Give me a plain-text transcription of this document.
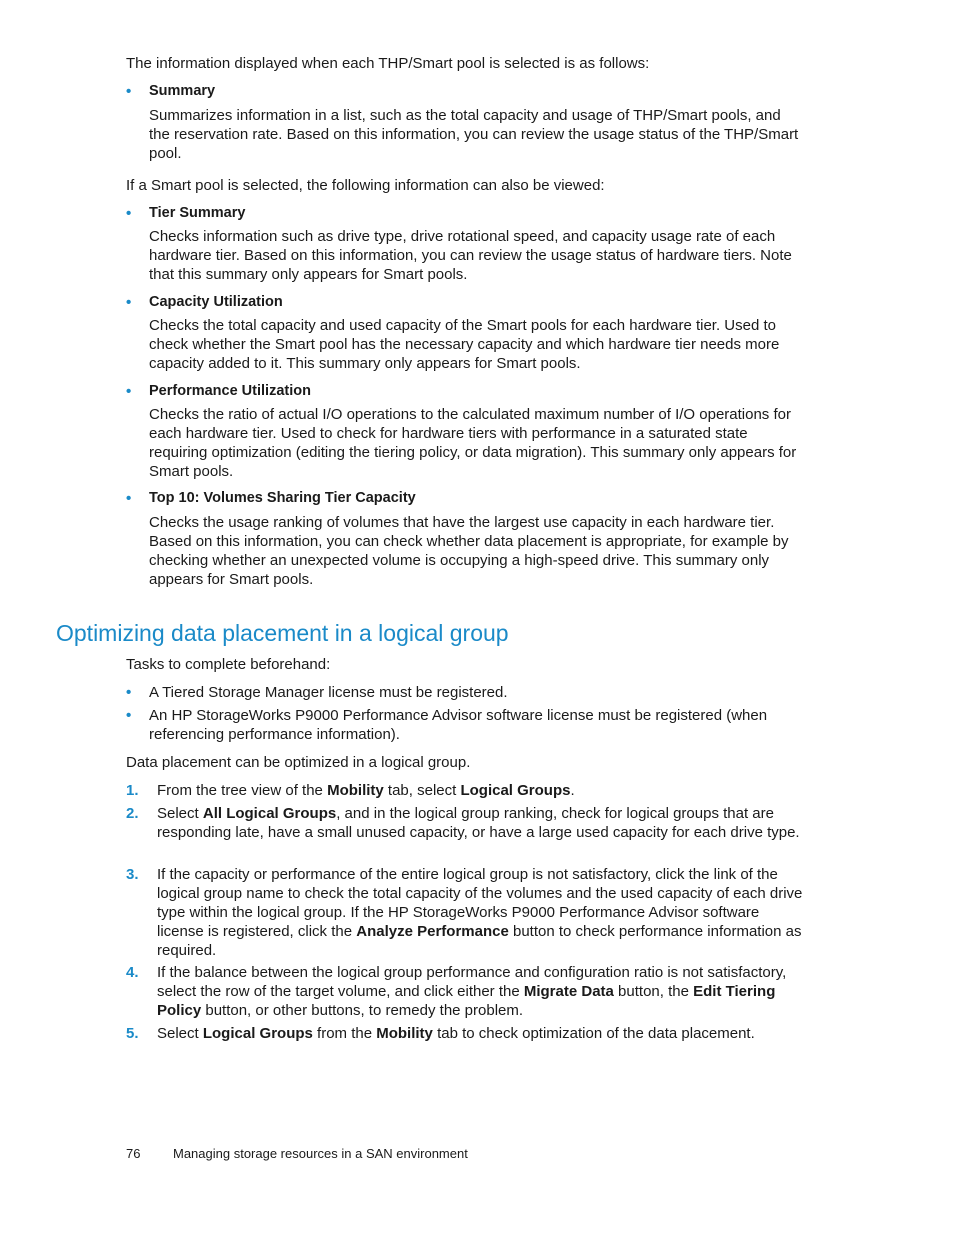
The information displayed when each THP/Smart pool is selected is as follows:

• Summary
Summarizes information in a list, such as the total capacity and usage of THP/Smart pools, and the reservation rate. Based on this information, you can review the usage status of the THP/Smart pool.

If a Smart pool is selected, the following information can also be viewed:

• Tier Summary
Checks information such as drive type, drive rotational speed, and capacity usage rate of each hardware tier. Based on this information, you can review the usage status of hardware tiers. Note that this summary only appears for Smart pools.
• Capacity Utilization
Checks the total capacity and used capacity of the Smart pools for each hardware tier. Used to check whether the Smart pool has the necessary capacity and which hardware tier needs more capacity added to it. This summary only appears for Smart pools.
• Performance Utilization
Checks the ratio of actual I/O operations to the calculated maximum number of I/O operations for each hardware tier. Used to check for hardware tiers with performance in a saturated state requiring optimization (editing the tiering policy, or data migration). This summary only appears for Smart pools.
• Top 10: Volumes Sharing Tier Capacity
Checks the usage ranking of volumes that have the largest use capacity in each hardware tier. Based on this information, you can check whether data placement is appropriate, for example by checking whether an unexpected volume is occupying a high-speed drive. This summary only appears for Smart pools.
Optimizing data placement in a logical group

Tasks to complete beforehand:

• A Tiered Storage Manager license must be registered.
• An HP StorageWorks P9000 Performance Advisor software license must be registered (when referencing performance information).

Data placement can be optimized in a logical group.

1. From the tree view of the Mobility tab, select Logical Groups.
2. Select All Logical Groups, and in the logical group ranking, check for logical groups that are responding late, have a small unused capacity, or have a large used capacity for each drive type.
3. If the capacity or performance of the entire logical group is not satisfactory, click the link of the logical group name to check the total capacity of the volumes and the used capacity of each drive type within the logical group. If the HP StorageWorks P9000 Performance Advisor software license is registered, click the Analyze Performance button to check performance information as required.
4. If the balance between the logical group performance and configuration ratio is not satisfactory, select the row of the target volume, and click either the Migrate Data button, the Edit Tiering Policy button, or other buttons, to remedy the problem.
5. Select Logical Groups from the Mobility tab to check optimization of the data placement.
76	Managing storage resources in a SAN environment
